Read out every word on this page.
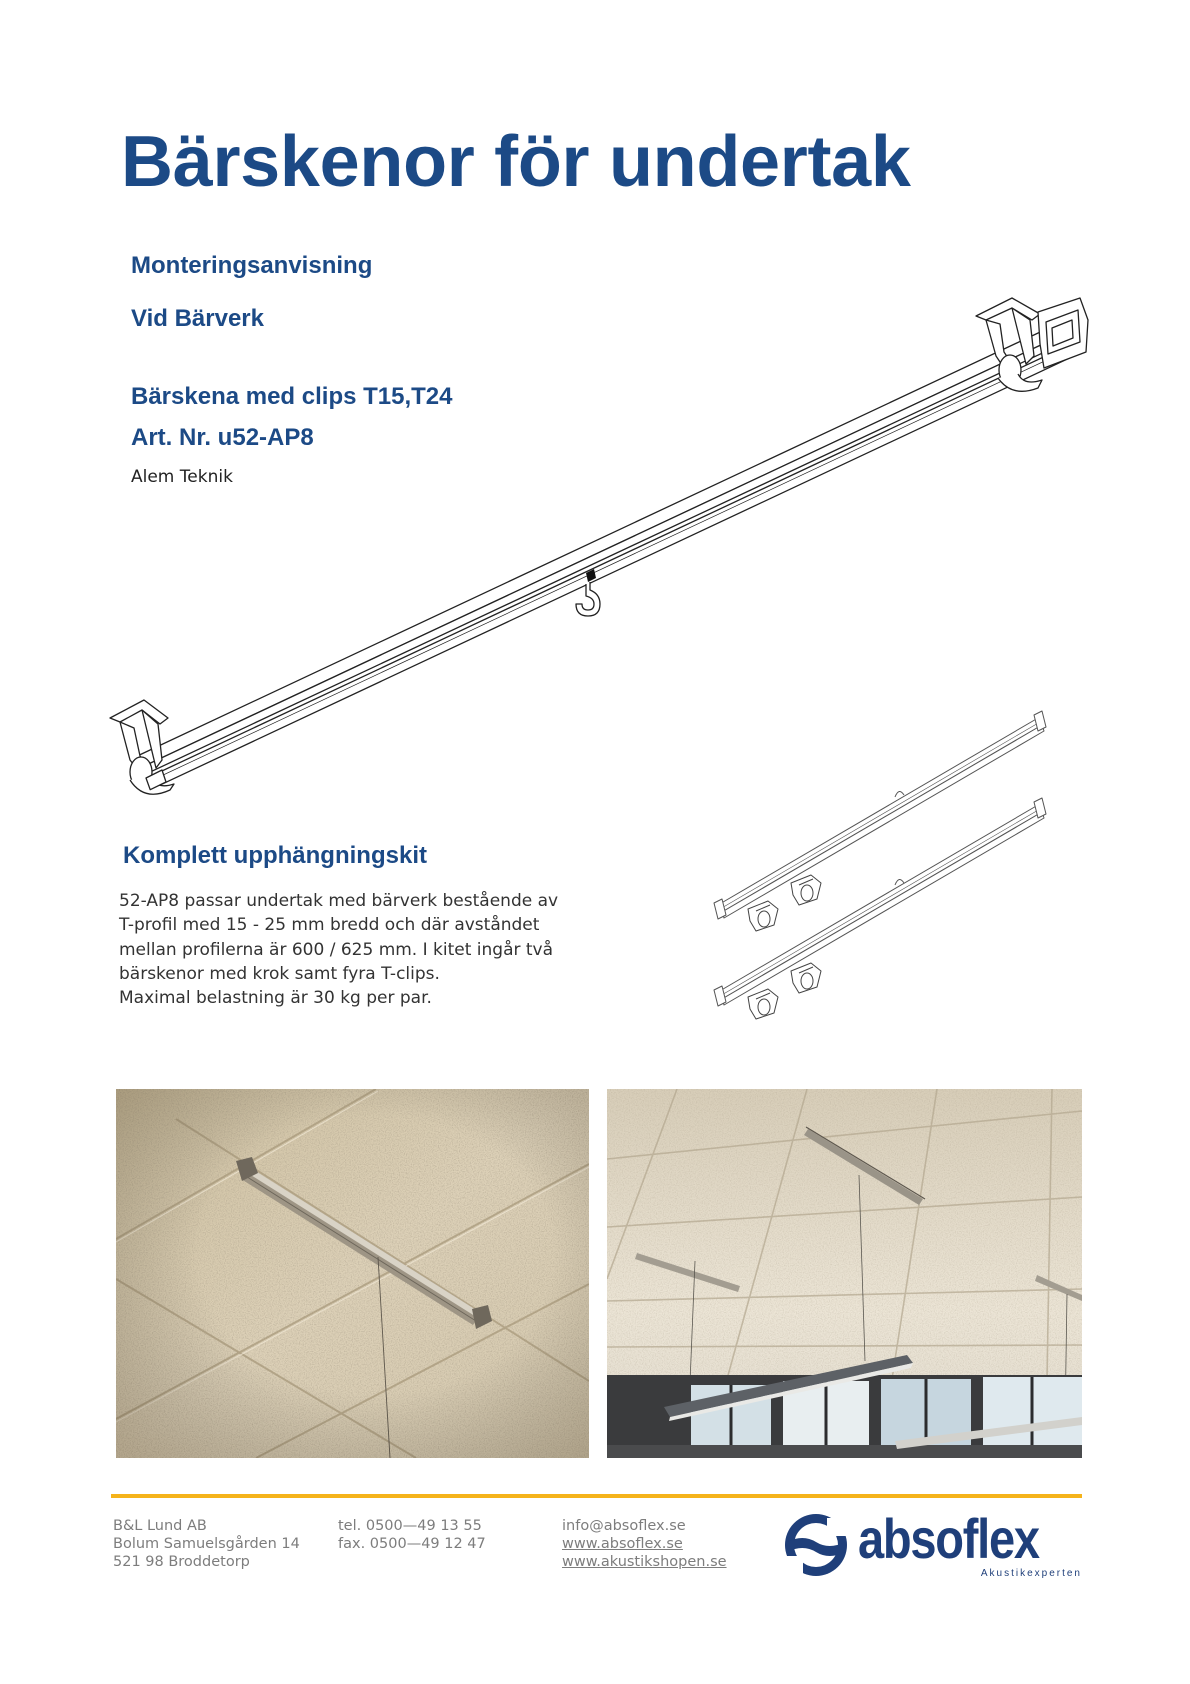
Bärskenor för undertak
Monteringsanvisning
Vid Bärverk
Bärskena med clips T15,T24
Art. Nr. u52-AP8
Alem Teknik
Komplett upphängningskit
52-AP8 passar undertak med bärverk bestående av
T-profil med 15 - 25 mm bredd och där avståndet
mellan profilerna är 600 / 625 mm. I kitet ingår två
bärskenor med krok samt fyra T-clips.
Maximal belastning är 30 kg per par.
B&L Lund AB
Bolum Samuelsgården 14
521 98 Broddetorp
tel. 0500—49 13 55
fax. 0500—49 12 47
info@absoflex.se
www.absoflex.se
www.akustikshopen.se absoflex
Akustikexperten
